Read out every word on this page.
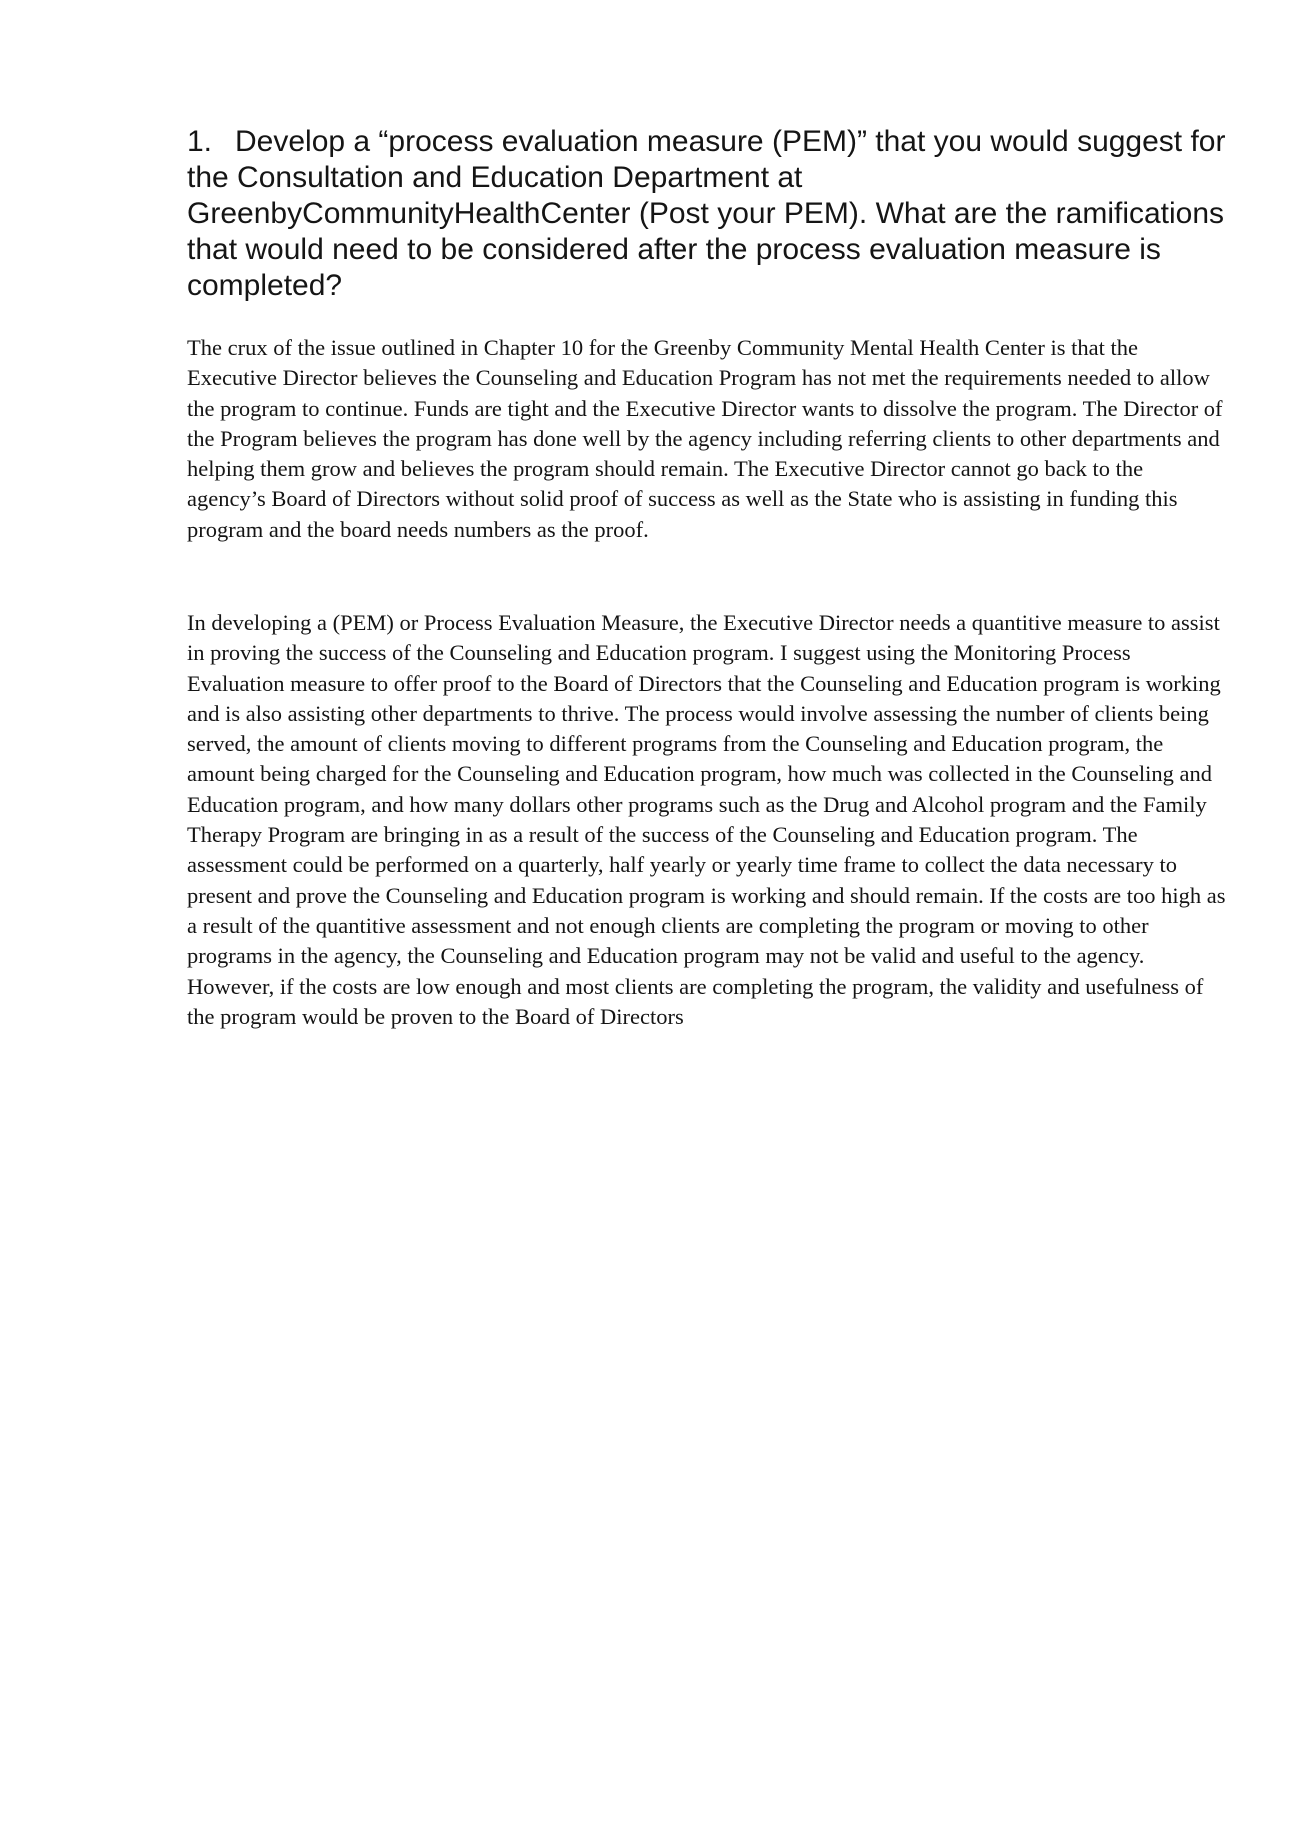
1. Develop a “process evaluation measure (PEM)” that you would suggest for the Consultation and Education Department at GreenbyCommunityHealthCenter (Post your PEM). What are the ramifications that would need to be considered after the process evaluation measure is completed?

The crux of the issue outlined in Chapter 10 for the Greenby Community Mental Health Center is that the Executive Director believes the Counseling and Education Program has not met the requirements needed to allow the program to continue. Funds are tight and the Executive Director wants to dissolve the program. The Director of the Program believes the program has done well by the agency including referring clients to other departments and helping them grow and believes the program should remain. The Executive Director cannot go back to the agency’s Board of Directors without solid proof of success as well as the State who is assisting in funding this program and the board needs numbers as the proof.

In developing a (PEM) or Process Evaluation Measure, the Executive Director needs a quantitive measure to assist in proving the success of the Counseling and Education program. I suggest using the Monitoring Process Evaluation measure to offer proof to the Board of Directors that the Counseling and Education program is working and is also assisting other departments to thrive. The process would involve assessing the number of clients being served, the amount of clients moving to different programs from the Counseling and Education program, the amount being charged for the Counseling and Education program, how much was collected in the Counseling and Education program, and how many dollars other programs such as the Drug and Alcohol program and the Family Therapy Program are bringing in as a result of the success of the Counseling and Education program. The assessment could be performed on a quarterly, half yearly or yearly time frame to collect the data necessary to present and prove the Counseling and Education program is working and should remain. If the costs are too high as a result of the quantitive assessment and not enough clients are completing the program or moving to other programs in the agency, the Counseling and Education program may not be valid and useful to the agency. However, if the costs are low enough and most clients are completing the program, the validity and usefulness of the program would be proven to the Board of Directors
